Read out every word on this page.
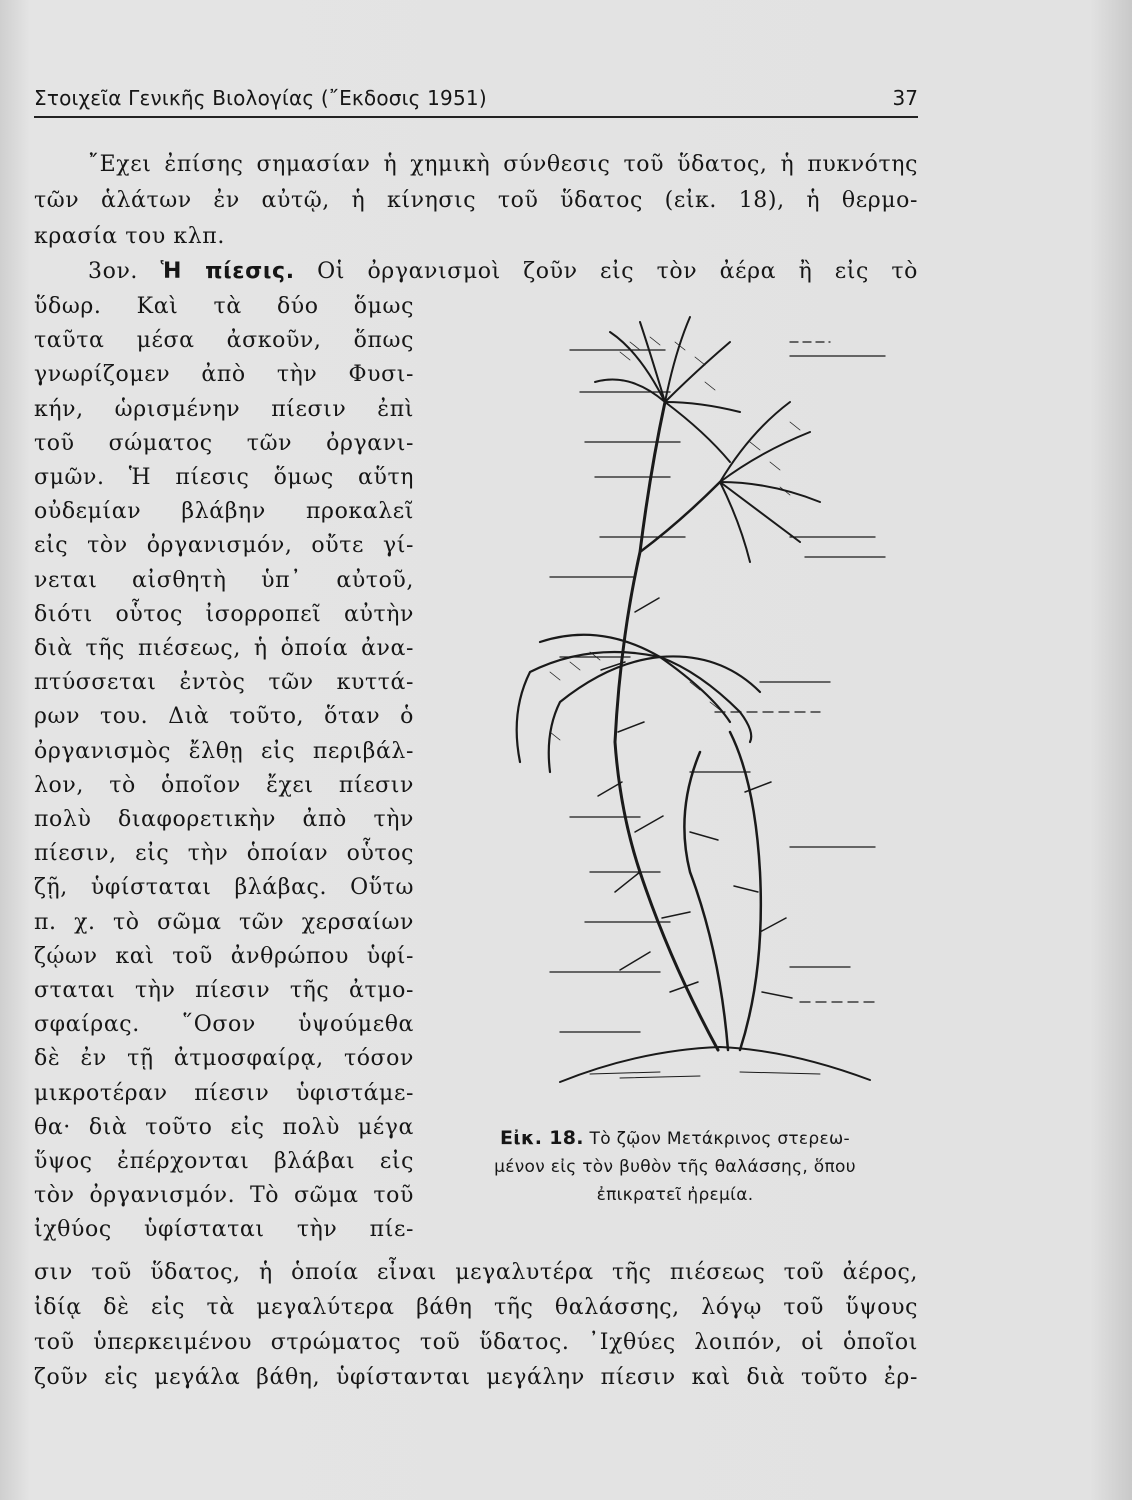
Στοιχεῖα Γενικῆς Βιολογίας (῎Εκδοσις 1951)	37
῎Εχει ἐπίσης σημασίαν ἡ χημικὴ σύνθεσις τοῦ ὕδατος, ἡ πυκνότης
τῶν ἁλάτων ἐν αὐτῷ, ἡ κίνησις τοῦ ὕδατος (εἰκ. 18), ἡ θερμο-
κρασία του κλπ.
3ον. Ἡ πίεσις. Οἱ ὀργανισμοὶ ζοῦν εἰς τὸν ἀέρα ἢ εἰς τὸ
ὕδωρ. Καὶ τὰ δύο ὅμως
ταῦτα μέσα ἀσκοῦν, ὅπως
γνωρίζομεν ἀπὸ τὴν Φυσι-
κήν, ὡρισμένην πίεσιν ἐπὶ
τοῦ σώματος τῶν ὀργανι-
σμῶν. Ἡ πίεσις ὅμως αὕτη
οὐδεμίαν βλάβην προκαλεῖ
εἰς τὸν ὀργανισμόν, οὔτε γί-
νεται αἰσθητὴ ὑπ᾿ αὐτοῦ,
διότι οὗτος ἰσορροπεῖ αὐτὴν
διὰ τῆς πιέσεως, ἡ ὁποία ἀνα-
πτύσσεται ἐντὸς τῶν κυττά-
ρων του. Διὰ τοῦτο, ὅταν ὁ
ὀργανισμὸς ἔλθῃ εἰς περιβάλ-
λον, τὸ ὁποῖον ἔχει πίεσιν
πολὺ διαφορετικὴν ἀπὸ τὴν
πίεσιν, εἰς τὴν ὁποίαν οὗτος
ζῇ, ὑφίσταται βλάβας. Οὕτω
π. χ. τὸ σῶμα τῶν χερσαίων
ζῴων καὶ τοῦ ἀνθρώπου ὑφί-
σταται τὴν πίεσιν τῆς ἀτμο-
σφαίρας. ῞Οσον ὑψούμεθα
δὲ ἐν τῇ ἀτμοσφαίρᾳ, τόσον
μικροτέραν πίεσιν ὑφιστάμε-
θα· διὰ τοῦτο εἰς πολὺ μέγα
ὕψος ἐπέρχονται βλάβαι εἰς
τὸν ὀργανισμόν. Τὸ σῶμα τοῦ
ἰχθύος ὑφίσταται τὴν πίε-
Εἰκ. 18. Τὸ ζῷον Μετάκρινος στερεω-
μένον εἰς τὸν βυθὸν τῆς θαλάσσης, ὅπου
ἐπικρατεῖ ἠρεμία.
σιν τοῦ ὕδατος, ἡ ὁποία εἶναι μεγαλυτέρα τῆς πιέσεως τοῦ ἀέρος,
ἰδίᾳ δὲ εἰς τὰ μεγαλύτερα βάθη τῆς θαλάσσης, λόγῳ τοῦ ὕψους
τοῦ ὑπερκειμένου στρώματος τοῦ ὕδατος. ᾿Ιχθύες λοιπόν, οἱ ὁποῖοι
ζοῦν εἰς μεγάλα βάθη, ὑφίστανται μεγάλην πίεσιν καὶ διὰ τοῦτο ἐρ-
